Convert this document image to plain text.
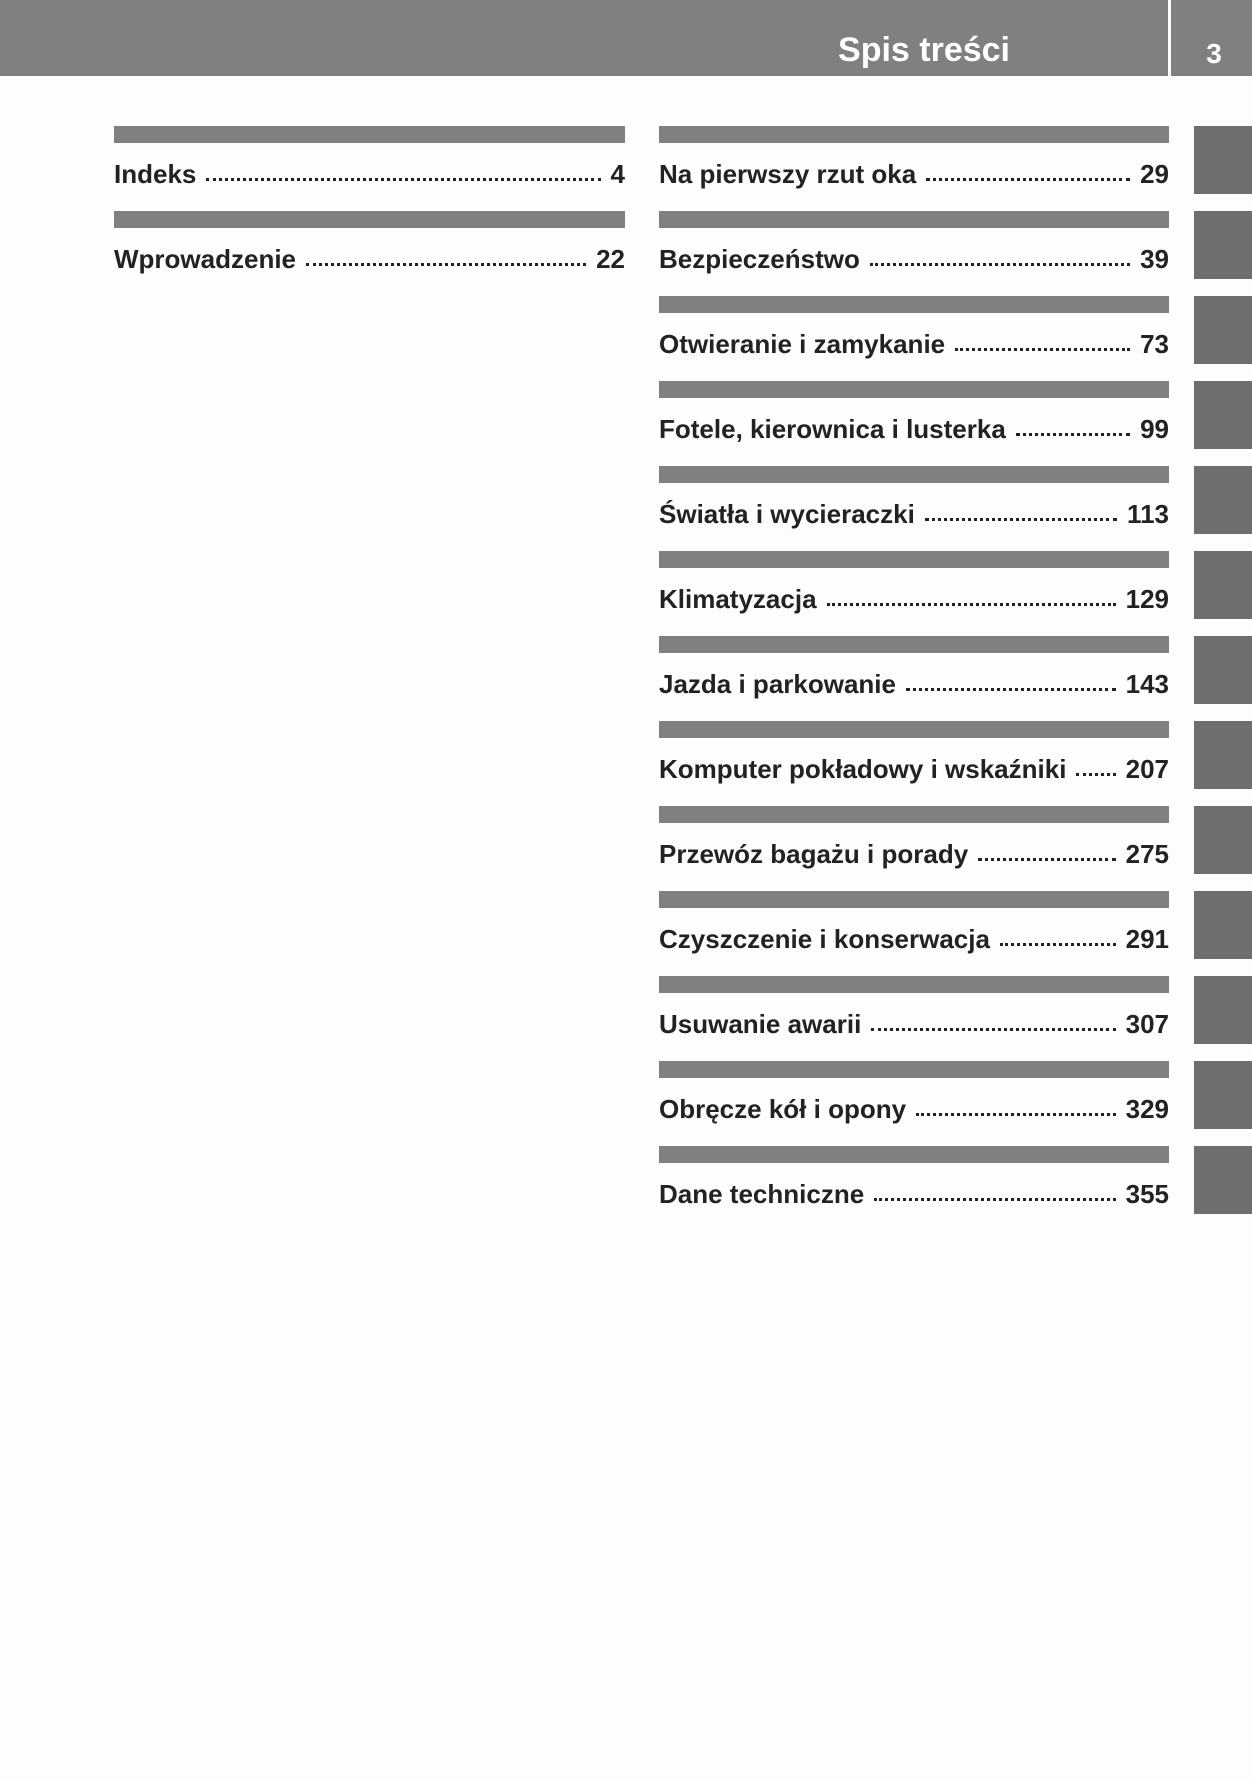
Spis treści	3
Indeks	4
Wprowadzenie	22
Na pierwszy rzut oka	29
Bezpieczeństwo	39
Otwieranie i zamykanie	73
Fotele, kierownica i lusterka	99
Światła i wycieraczki	113
Klimatyzacja	129
Jazda i parkowanie	143
Komputer pokładowy i wskaźniki 207
Przewóz bagażu i porady	275
Czyszczenie i konserwacja	291
Usuwanie awarii	307
Obręcze kół i opony	329
Dane techniczne	355
